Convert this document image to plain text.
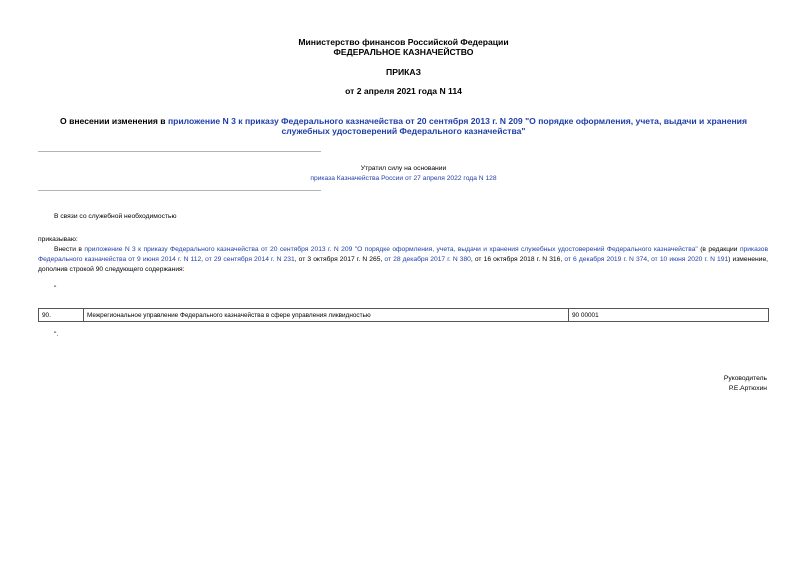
Министерство финансов Российской Федерации
ФЕДЕРАЛЬНОЕ КАЗНАЧЕЙСТВО
ПРИКАЗ
от 2 апреля 2021 года N 114
О внесении изменения в приложение N 3 к приказу Федерального казначейства от 20 сентября 2013 г. N 209 "О порядке оформления, учета, выдачи и хранения
служебных удостоверений Федерального казначейства"
Утратил силу на основании
приказа Казначейства России от 27 апреля 2022 года N 128
В связи со служебной необходимостью
приказываю:
Внести в приложение N 3 к приказу Федерального казначейства от 20 сентября 2013 г. N 209 "О порядке оформления, учета, выдачи и хранения служебных удостоверений Федерального казначейства" (в редакции приказов Федерального казначейства от 9 июня 2014 г. N 112, от 29 сентября 2014 г. N 231, от 3 октября 2017 г. N 265, от 28 декабря 2017 г. N 380, от 16 октября 2018 г. N 316, от 6 декабря 2019 г. N 374, от 10 июня 2020 г. N 191) изменение, дополнив строкой 90 следующего содержания:
"
90.	Межрегиональное управление Федерального казначейства в сфере управления ликвидностью	90 00001
".
Руководитель
Р.Е.Артюхин
